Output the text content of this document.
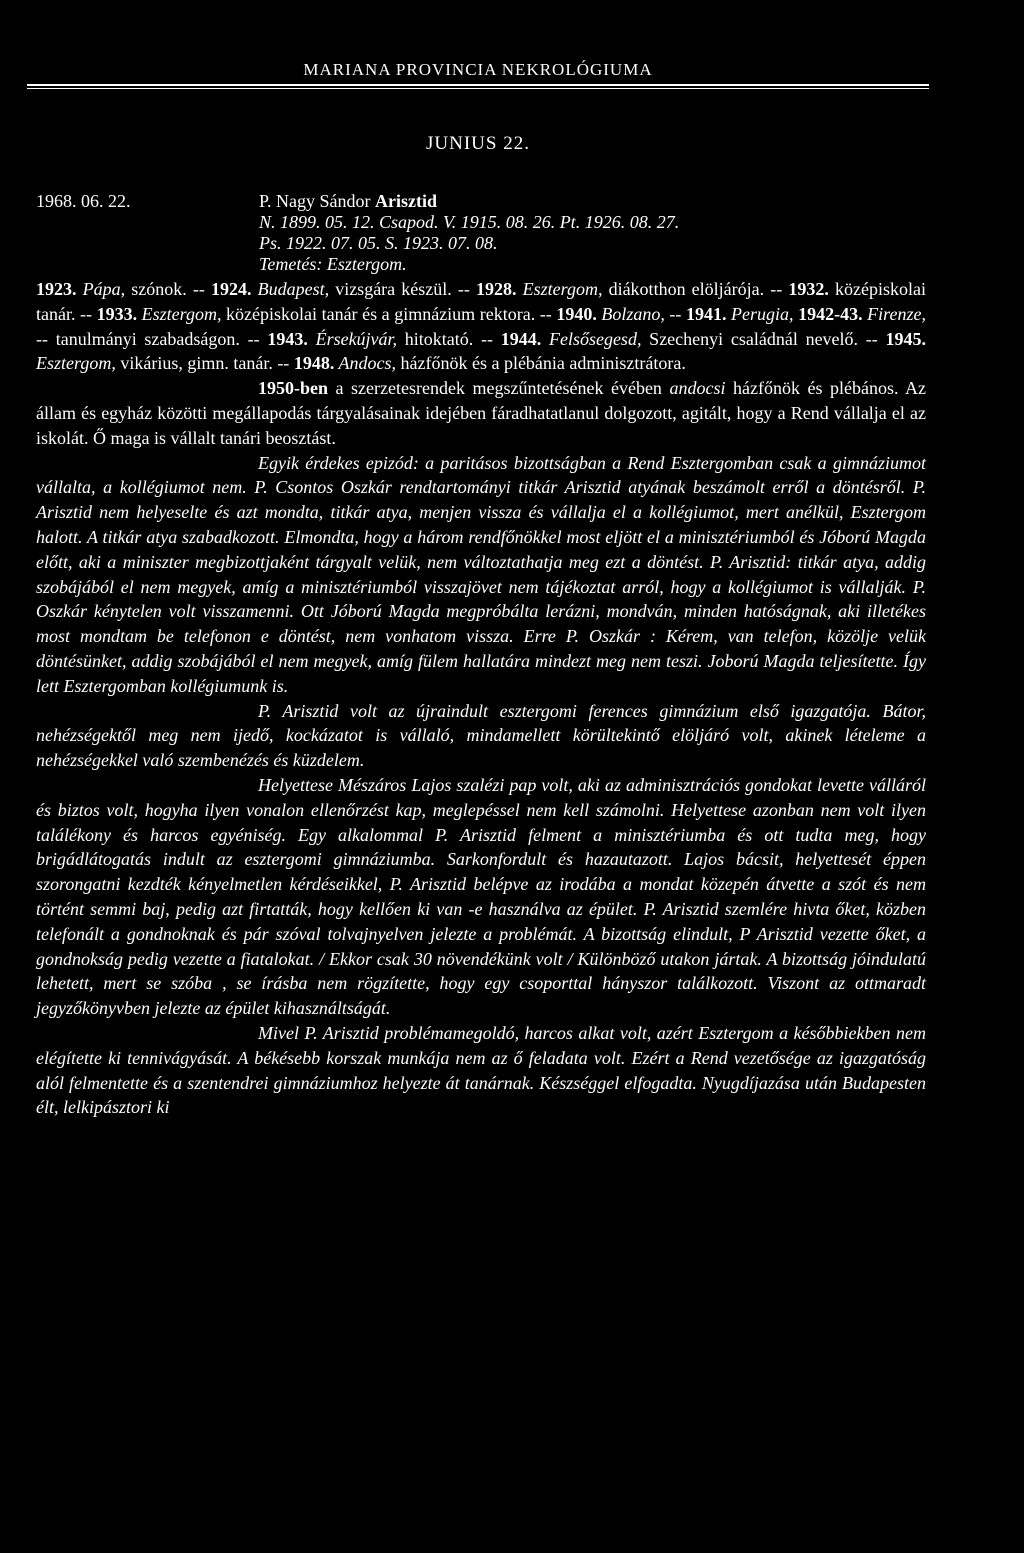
MARIANA PROVINCIA NEKROLÓGIUMA
JUNIUS 22.
1968. 06. 22.	P. Nagy Sándor Arisztid
N. 1899. 05. 12. Csapod. V. 1915. 08. 26. Pt. 1926. 08. 27.
Ps. 1922. 07. 05. S. 1923. 07. 08.
Temetés: Esztergom.

1923. Pápa, szónok. -- 1924. Budapest, vizsgára készül. -- 1928. Esztergom, diákotthon elöljárója. -- 1932. középiskolai tanár. -- 1933. Esztergom, középiskolai tanár és a gimnázium rektora. -- 1940. Bolzano, -- 1941. Perugia, 1942-43. Firenze, -- tanulmányi szabadságon. -- 1943. Érsekújvár, hitoktató. -- 1944. Felsősegesd, Szechenyi családnál nevelő. -- 1945. Esztergom, vikárius, gimn. tanár. -- 1948. Andocs, házfőnök és a plébánia adminisztrátora.

1950-ben a szerzetesrendek megszűntetésének évében andocsi házfőnök és plébános. Az állam és egyház közötti megállapodás tárgyalásainak idejében fáradhatatlanul dolgozott, agitált, hogy a Rend vállalja el az iskolát. Ő maga is vállalt tanári beosztást.

Egyik érdekes epizód: a paritásos bizottságban a Rend Esztergomban csak a gimnáziumot vállalta, a kollégiumot nem. P. Csontos Oszkár rendtartományi titkár Arisztid atyának beszámolt erről a döntésről. P. Arisztid nem helyeselte és azt mondta, titkár atya, menjen vissza és vállalja el a kollégiumot, mert anélkül, Esztergom halott. A titkár atya szabadkozott. Elmondta, hogy a három rendfőnökkel most eljött el a minisztériumból és Jóború Magda előtt, aki a miniszter megbizottjaként tárgyalt velük, nem változtathatja meg ezt a döntést. P. Arisztid: titkár atya, addig szobájából el nem megyek, amíg a minisztériumból visszajövet nem tájékoztat arról, hogy a kollégiumot is vállalják. P. Oszkár kénytelen volt visszamenni. Ott Jóború Magda megpróbálta lerázni, mondván, minden hatóságnak, aki illetékes most mondtam be telefonon e döntést, nem vonhatom vissza. Erre P. Oszkár : Kérem, van telefon, közölje velük döntésünket, addig szobájából el nem megyek, amíg fülem hallatára mindezt meg nem teszi. Joború Magda teljesítette. Így lett Esztergomban kollégiumunk is.

P. Arisztid volt az újraindult esztergomi ferences gimnázium első igazgatója. Bátor, nehézségektől meg nem ijedő, kockázatot is vállaló, mindamellett körültekintő elöljáró volt, akinek lételeme a nehézségekkel való szembenézés és küzdelem.

Helyettese Mészáros Lajos szalézi pap volt, aki az adminisztrációs gondokat levette válláról és biztos volt, hogyha ilyen vonalon ellenőrzést kap, meglepéssel nem kell számolni. Helyettese azonban nem volt ilyen találékony és harcos egyéniség. Egy alkalommal P. Arisztid felment a minisztériumba és ott tudta meg, hogy brigádlátogatás indult az esztergomi gimnáziumba. Sarkonfordult és hazautazott. Lajos bácsit, helyettesét éppen szorongatni kezdték kényelmetlen kérdéseikkel, P. Arisztid belépve az irodába a mondat közepén átvette a szót és nem történt semmi baj, pedig azt firtatták, hogy kellően ki van -e használva az épület. P. Arisztid szemlére hivta őket, közben telefonált a gondnoknak és pár szóval tolvajnyelven jelezte a problémát. A bizottság elindult, P Arisztid vezette őket, a gondnokság pedig vezette a fiatalokat. / Ekkor csak 30 növendékünk volt / Különböző utakon jártak. A bizottság jóindulatú lehetett, mert se szóba , se írásba nem rögzítette, hogy egy csoporttal hányszor találkozott. Viszont az ottmaradt jegyzőkönyvben jelezte az épület kihasználtságát.

Mivel P. Arisztid problémamegoldó, harcos alkat volt, azért Esztergom a későbbiekben nem elégítette ki tennivágyását. A békésebb korszak munkája nem az ő feladata volt. Ezért a Rend vezetősége az igazgatóság alól felmentette és a szentendrei gimnáziumhoz helyezte át tanárnak. Készséggel elfogadta. Nyugdíjazása után Budapesten élt, lelkipásztori ki
